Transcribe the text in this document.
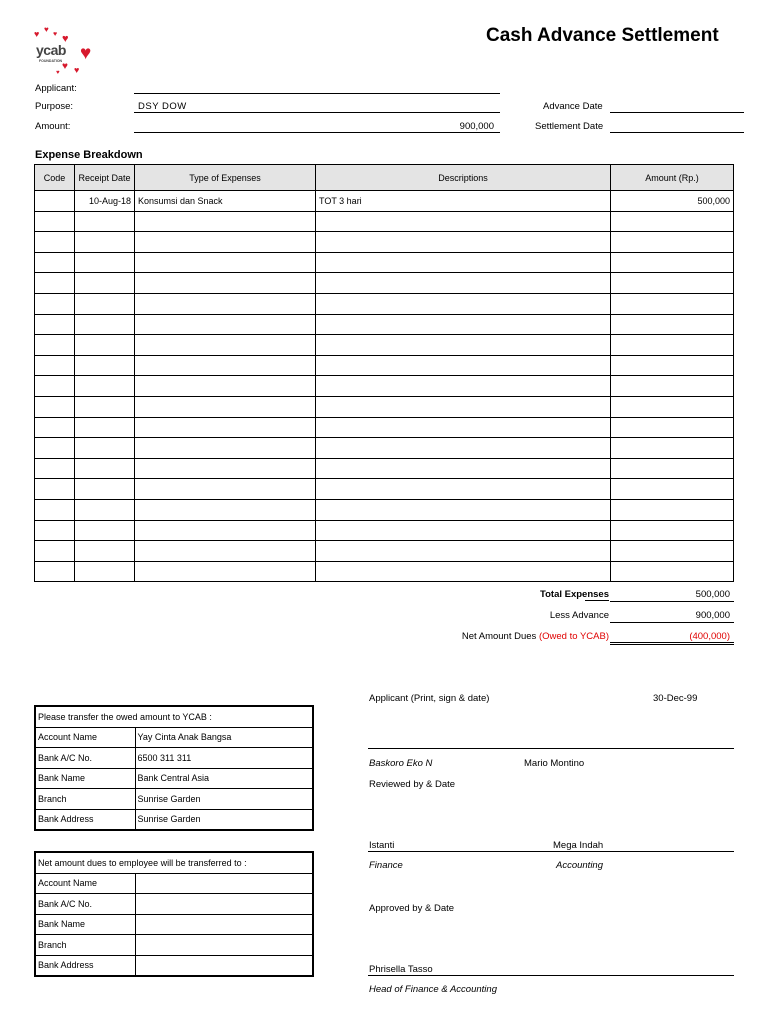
Cash Advance Settlement
♥ ♥
♥ ♥
♥
♥ ♥
♥
ycab
FOUNDATION
Applicant:
Purpose:	DSY DOW
Amount:	900,000
Advance Date
Settlement Date
Expense Breakdown
Code	Receipt Date	Type of Expenses	Descriptions	Amount (Rp.)
	10-Aug-18	Konsumsi dan Snack	TOT 3 hari	500,000

Total Expenses	500,000
Less Advance	900,000
Net Amount Dues (Owed to YCAB)	(400,000)
Please transfer the owed amount to YCAB :	
Account Name	Yay Cinta Anak Bangsa
Bank A/C No.	6500 311 311
Bank Name	Bank Central Asia
Branch	Sunrise Garden
Bank Address	Sunrise Garden
Net amount dues to employee will be transferred to :	
Account Name	
Bank A/C No.	
Bank Name	
Branch	
Bank Address	
Applicant (Print, sign & date)	30-Dec-99
Baskoro Eko N	Mario Montino
Reviewed by & Date
Istanti	Mega Indah
Finance	Accounting
Approved by & Date
Phrisella Tasso
Head of Finance & Accounting
